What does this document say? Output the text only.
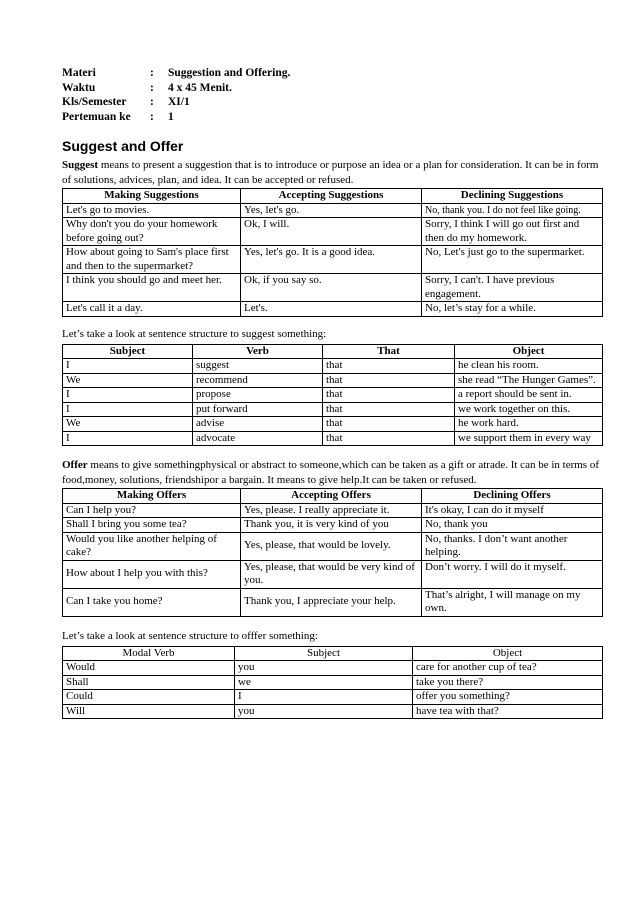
Materi	:	Suggestion and Offering.
Waktu	:	4 x 45 Menit.
Kls/Semester	:	XI/1
Pertemuan ke	:	1
Suggest and Offer

Suggest means to present a suggestion that is to introduce or purpose an idea or a plan for consideration. It can be in form of solutions, advices, plan, and idea. It can be accepted or refused.

Making Suggestions	Accepting Suggestions	Declining Suggestions
Let's go to movies.	Yes, let's go.	No, thank you. I do not feel like going.
Why don't you do your homework before going out?	Ok, I will.	Sorry, I think I will go out first and then do my homework.
How about going to Sam's place first and then to the supermarket?	Yes, let's go. It is a good idea.	No, Let's just go to the supermarket.
I think you should go and meet her.	Ok, if you say so.	Sorry, I can't. I have previous engagement.
Let's call it a day.	Let's.	No, let’s stay for a while.

Let’s take a look at sentence structure to suggest something:

Subject	Verb	That	Object
I	suggest	that	he clean his room.
We	recommend	that	she read “The Hunger Games”.
I	propose	that	a report should be sent in.
I	put forward	that	we work together on this.
We	advise	that	he work hard.
I	advocate	that	we support them in every way

Offer means to give somethingphysical or abstract to someone,which can be taken as a gift or atrade. It can be in terms of food,money, solutions, friendshipor a bargain. It means to give help.It can be taken or refused.

Making Offers	Accepting Offers	Declining Offers
Can I help you?	Yes, please. I really appreciate it.	It's okay, I can do it myself
Shall I bring you some tea?	Thank you, it is very kind of you	No, thank you
Would you like another helping of cake?	Yes, please, that would be lovely.	No, thanks. I don’t want another helping.
How about I help you with this?	Yes, please, that would be very kind of you.	Don’t worry. I will do it myself.
Can I take you home?	Thank you, I appreciate your help.	That’s alright, I will manage on my own.

Let’s take a look at sentence structure to offfer something:

Modal Verb	Subject	Object
Would	you	care for another cup of tea?
Shall	we	take you there?
Could	I	offer you something?
Will	you	have tea with that?
